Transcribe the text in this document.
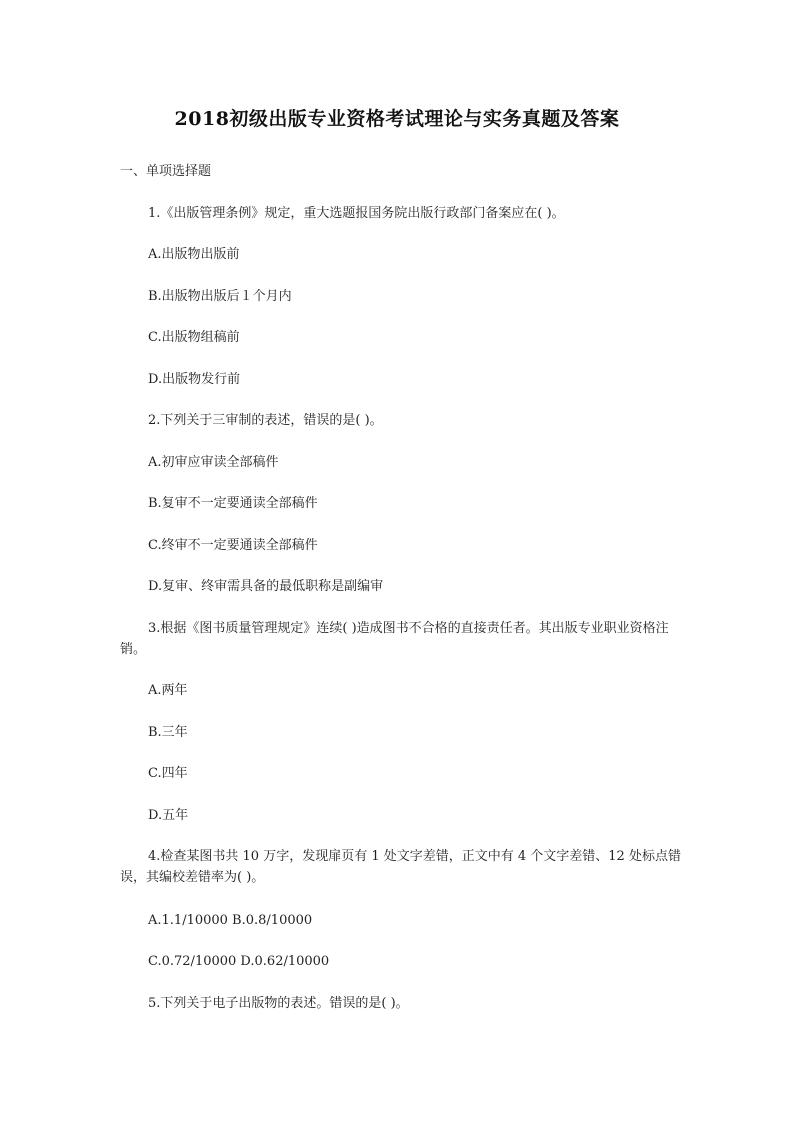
2018初级出版专业资格考试理论与实务真题及答案
一、单项选择题
1.《出版管理条例》规定，重大选题报国务院出版行政部门备案应在( )。
A.出版物出版前
B.出版物出版后１个月内
C.出版物组稿前
D.出版物发行前
2.下列关于三审制的表述，错误的是( )。
A.初审应审读全部稿件
B.复审不一定要通读全部稿件
C.终审不一定要通读全部稿件
D.复审、终审需具备的最低职称是副编审
3.根据《图书质量管理规定》连续( )造成图书不合格的直接责任者。其出版专业职业资格注销。
A.两年
B.三年
C.四年
D.五年
4.检查某图书共 10 万字，发现扉页有 1 处文字差错，正文中有 4 个文字差错、12 处标点错误，其编校差错率为( )。
A.1.1/10000 B.0.8/10000
C.0.72/10000 D.0.62/10000
5.下列关于电子出版物的表述。错误的是( )。
